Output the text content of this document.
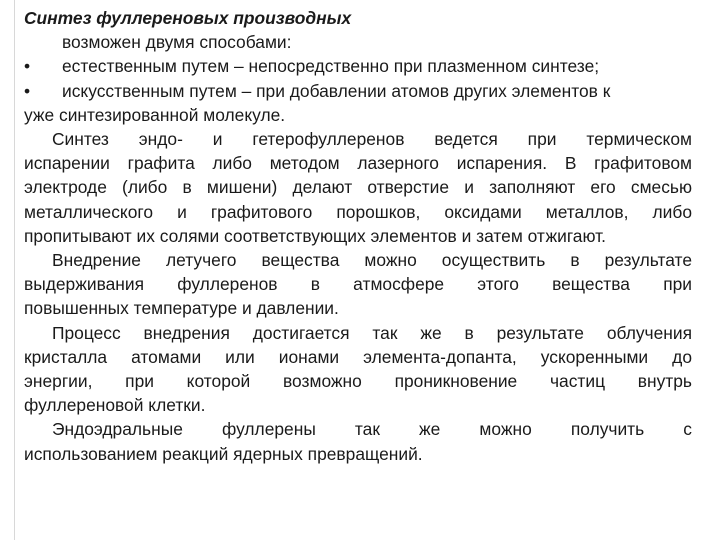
Синтез фуллереновых производных
возможен двумя способами:
•	естественным путем – непосредственно при плазменном синтезе;
•	искусственным путем – при добавлении атомов других элементов к
уже синтезированной молекуле.
Синтез эндо- и гетерофуллеренов ведется при термическом
испарении графита либо методом лазерного испарения. В графитовом
электроде (либо в мишени) делают отверстие и заполняют его смесью
металлического и графитового порошков, оксидами металлов, либо
пропитывают их солями соответствующих элементов и затем отжигают.
Внедрение летучего вещества можно осуществить в результате
выдерживания фуллеренов в атмосфере этого вещества при
повышенных температуре и давлении.
Процесс внедрения достигается так же в результате облучения
кристалла атомами или ионами элемента-допанта, ускоренными до
энергии, при которой возможно проникновение частиц внутрь
фуллереновой клетки.
Эндоэдральные фуллерены так же можно получить с
использованием реакций ядерных превращений.
